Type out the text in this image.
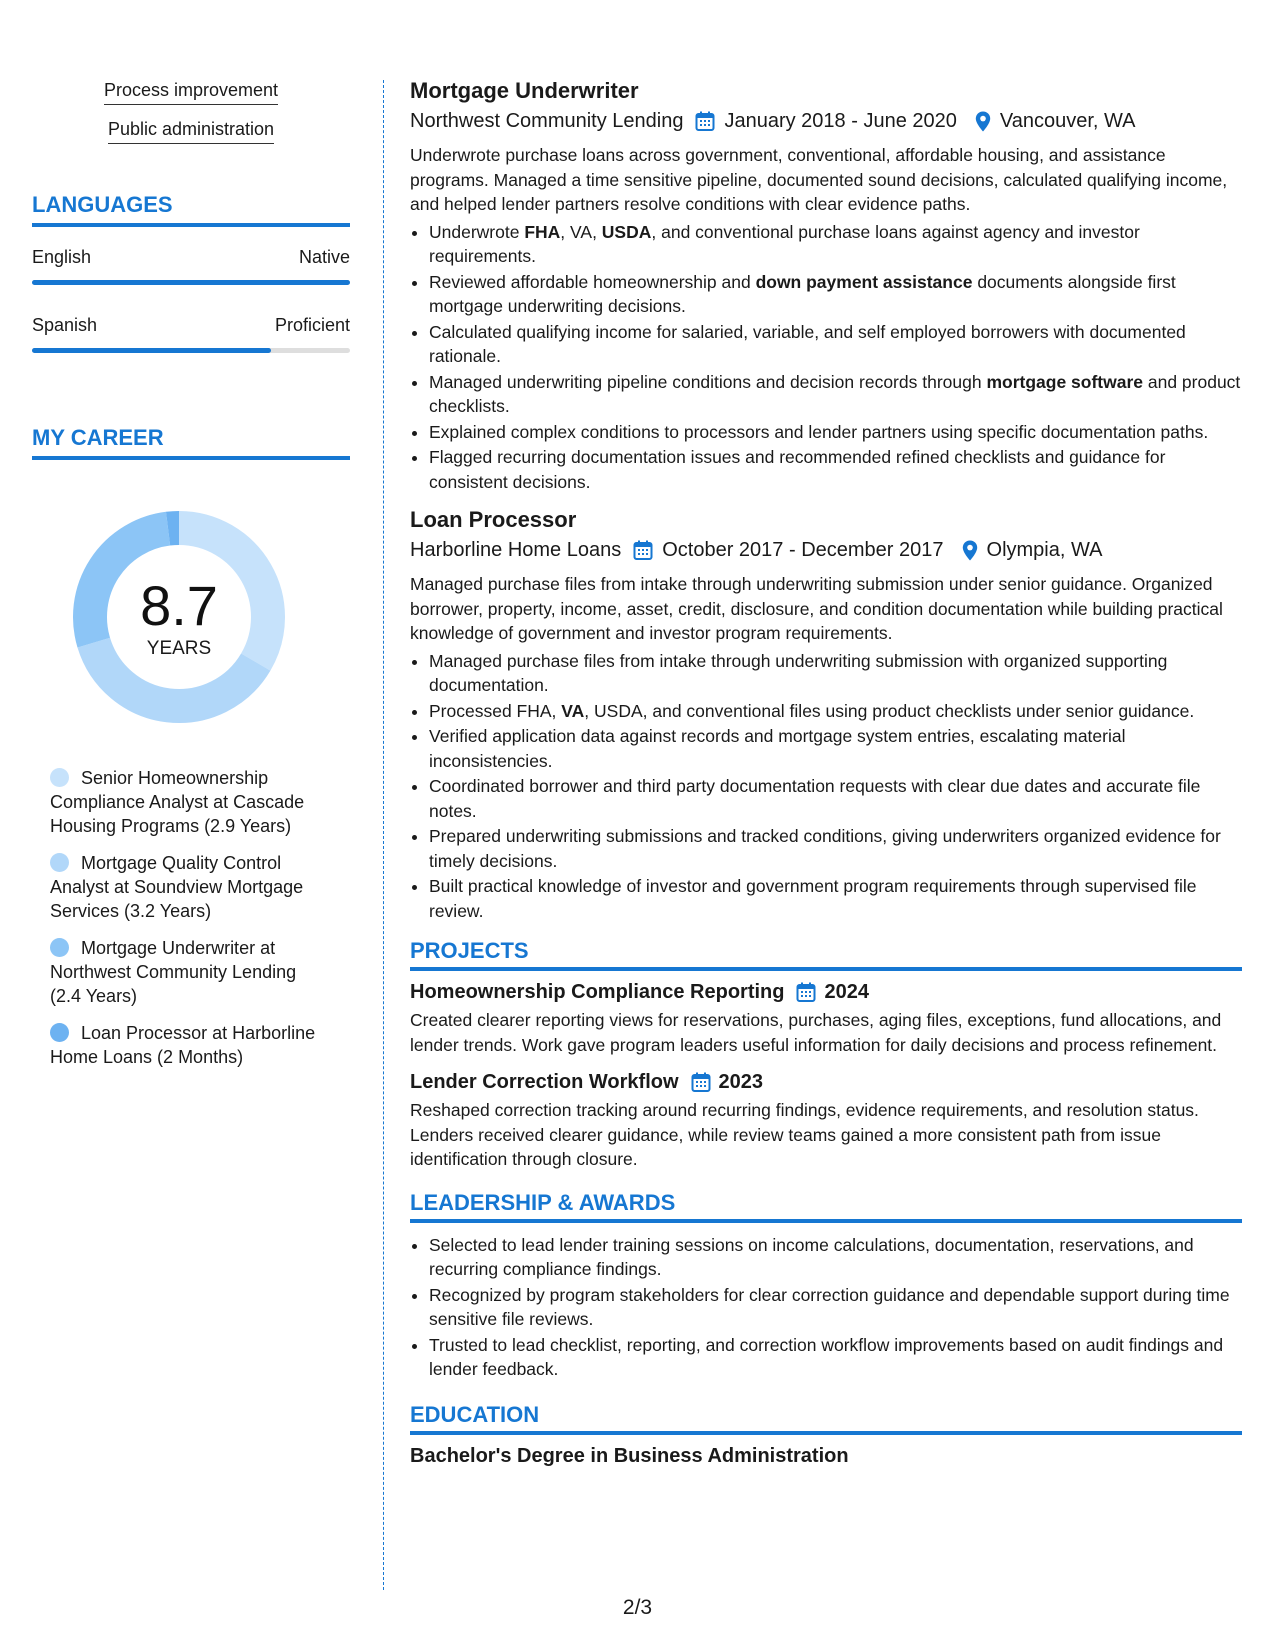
Process improvement
Public administration
LANGUAGES
English	Native
Spanish	Proficient
MY CAREER
8.7
YEARS
Senior Homeownership Compliance Analyst at Cascade Housing Programs (2.9 Years)
Mortgage Quality Control Analyst at Soundview Mortgage Services (3.2 Years)
Mortgage Underwriter at Northwest Community Lending (2.4 Years)
Loan Processor at Harborline Home Loans (2 Months)
Mortgage Underwriter
Northwest Community Lending January 2018 - June 2020 Vancouver, WA

Underwrote purchase loans across government, conventional, affordable housing, and assistance programs. Managed a time sensitive pipeline, documented sound decisions, calculated qualifying income, and helped lender partners resolve conditions with clear evidence paths.

• Underwrote FHA, VA, USDA, and conventional purchase loans against agency and investor requirements.
• Reviewed affordable homeownership and down payment assistance documents alongside first mortgage underwriting decisions.
• Calculated qualifying income for salaried, variable, and self employed borrowers with documented rationale.
• Managed underwriting pipeline conditions and decision records through mortgage software and product checklists.
• Explained complex conditions to processors and lender partners using specific documentation paths.
• Flagged recurring documentation issues and recommended refined checklists and guidance for consistent decisions.
Loan Processor
Harborline Home Loans October 2017 - December 2017 Olympia, WA

Managed purchase files from intake through underwriting submission under senior guidance. Organized borrower, property, income, asset, credit, disclosure, and condition documentation while building practical knowledge of government and investor program requirements.

• Managed purchase files from intake through underwriting submission with organized supporting documentation.
• Processed FHA, VA, USDA, and conventional files using product checklists under senior guidance.
• Verified application data against records and mortgage system entries, escalating material inconsistencies.
• Coordinated borrower and third party documentation requests with clear due dates and accurate file notes.
• Prepared underwriting submissions and tracked conditions, giving underwriters organized evidence for timely decisions.
• Built practical knowledge of investor and government program requirements through supervised file review.
PROJECTS
Homeownership Compliance Reporting 2024

Created clearer reporting views for reservations, purchases, aging files, exceptions, fund allocations, and lender trends. Work gave program leaders useful information for daily decisions and process refinement.

Lender Correction Workflow 2023

Reshaped correction tracking around recurring findings, evidence requirements, and resolution status. Lenders received clearer guidance, while review teams gained a more consistent path from issue identification through closure.

LEADERSHIP & AWARDS
• Selected to lead lender training sessions on income calculations, documentation, reservations, and recurring compliance findings.
• Recognized by program stakeholders for clear correction guidance and dependable support during time sensitive file reviews.
• Trusted to lead checklist, reporting, and correction workflow improvements based on audit findings and lender feedback.
EDUCATION
Bachelor's Degree in Business Administration
2/3
